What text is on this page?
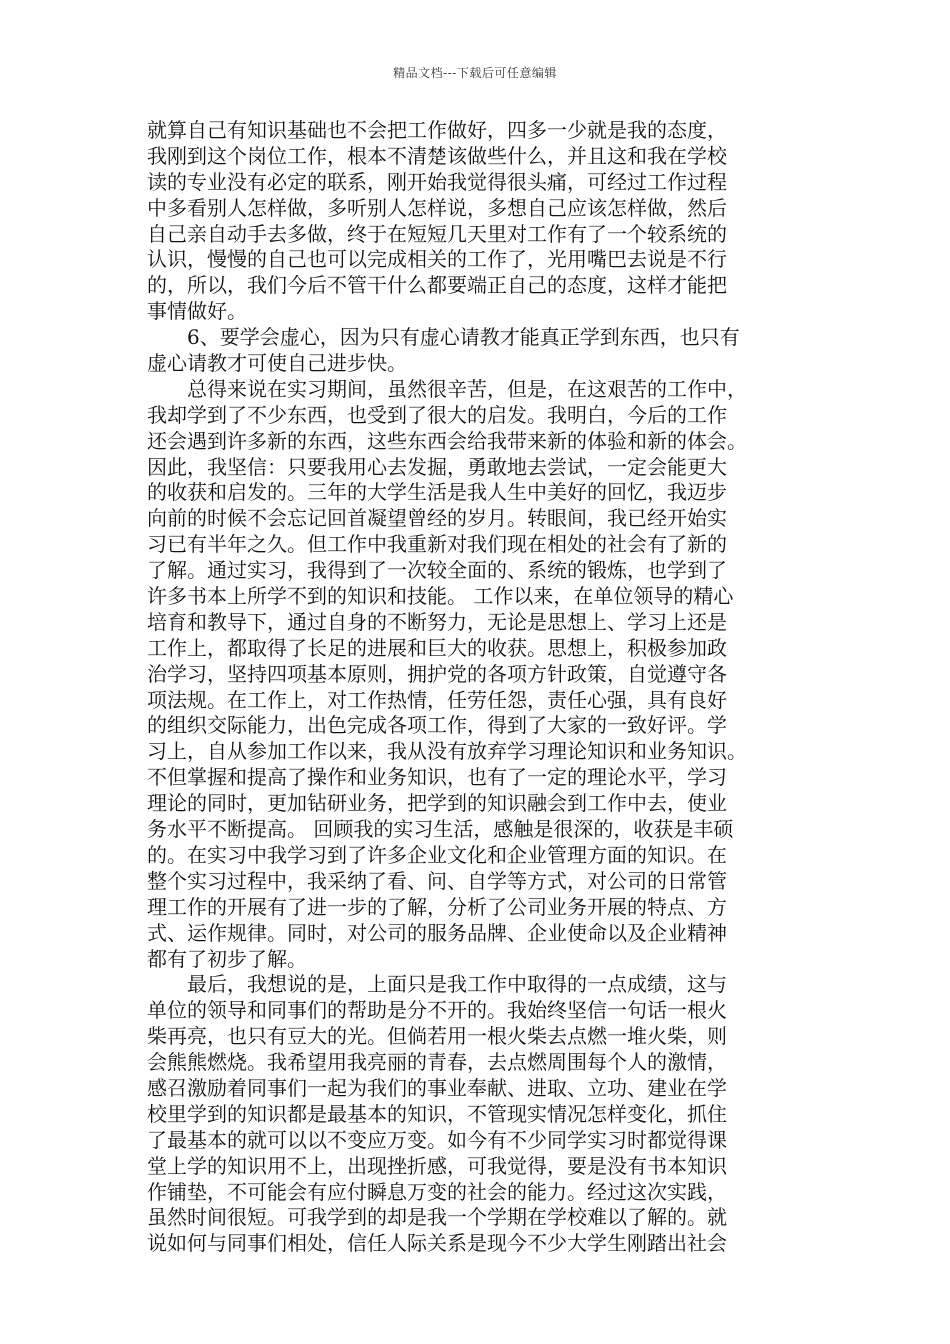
精品文档---下载后可任意编辑
就算自己有知识基础也不会把工作做好，四多一少就是我的态度，
我刚到这个岗位工作，根本不清楚该做些什么，并且这和我在学校
读的专业没有必定的联系，刚开始我觉得很头痛，可经过工作过程
中多看别人怎样做，多听别人怎样说，多想自己应该怎样做，然后
自己亲自动手去多做，终于在短短几天里对工作有了一个较系统的
认识，慢慢的自己也可以完成相关的工作了，光用嘴巴去说是不行
的，所以，我们今后不管干什么都要端正自己的态度，这样才能把
事情做好。
6、要学会虚心，因为只有虚心请教才能真正学到东西，也只有
虚心请教才可使自己进步快。
总得来说在实习期间，虽然很辛苦，但是，在这艰苦的工作中，
我却学到了不少东西，也受到了很大的启发。我明白，今后的工作
还会遇到许多新的东西，这些东西会给我带来新的体验和新的体会。
因此，我坚信：只要我用心去发掘，勇敢地去尝试，一定会能更大
的收获和启发的。三年的大学生活是我人生中美好的回忆，我迈步
向前的时候不会忘记回首凝望曾经的岁月。转眼间，我已经开始实
习已有半年之久。但工作中我重新对我们现在相处的社会有了新的
了解。通过实习，我得到了一次较全面的、系统的锻炼，也学到了
许多书本上所学不到的知识和技能。 工作以来，在单位领导的精心
培育和教导下，通过自身的不断努力，无论是思想上、学习上还是
工作上，都取得了长足的进展和巨大的收获。思想上，积极参加政
治学习，坚持四项基本原则，拥护党的各项方针政策，自觉遵守各
项法规。在工作上，对工作热情，任劳任怨，责任心强，具有良好
的组织交际能力，出色完成各项工作，得到了大家的一致好评。学
习上，自从参加工作以来，我从没有放弃学习理论知识和业务知识。
不但掌握和提高了操作和业务知识，也有了一定的理论水平，学习
理论的同时，更加钻研业务，把学到的知识融会到工作中去，使业
务水平不断提高。 回顾我的实习生活，感触是很深的，收获是丰硕
的。在实习中我学习到了许多企业文化和企业管理方面的知识。在
整个实习过程中，我采纳了看、问、自学等方式，对公司的日常管
理工作的开展有了进一步的了解，分析了公司业务开展的特点、方
式、运作规律。同时，对公司的服务品牌、企业使命以及企业精神
都有了初步了解。
最后，我想说的是，上面只是我工作中取得的一点成绩，这与
单位的领导和同事们的帮助是分不开的。我始终坚信一句话一根火
柴再亮，也只有豆大的光。但倘若用一根火柴去点燃一堆火柴，则
会熊熊燃烧。我希望用我亮丽的青春，去点燃周围每个人的激情，
感召激励着同事们一起为我们的事业奉献、进取、立功、建业在学
校里学到的知识都是最基本的知识，不管现实情况怎样变化，抓住
了最基本的就可以以不变应万变。如今有不少同学实习时都觉得课
堂上学的知识用不上，出现挫折感，可我觉得，要是没有书本知识
作铺垫，不可能会有应付瞬息万变的社会的能力。经过这次实践，
虽然时间很短。可我学到的却是我一个学期在学校难以了解的。就
说如何与同事们相处，信任人际关系是现今不少大学生刚踏出社会
